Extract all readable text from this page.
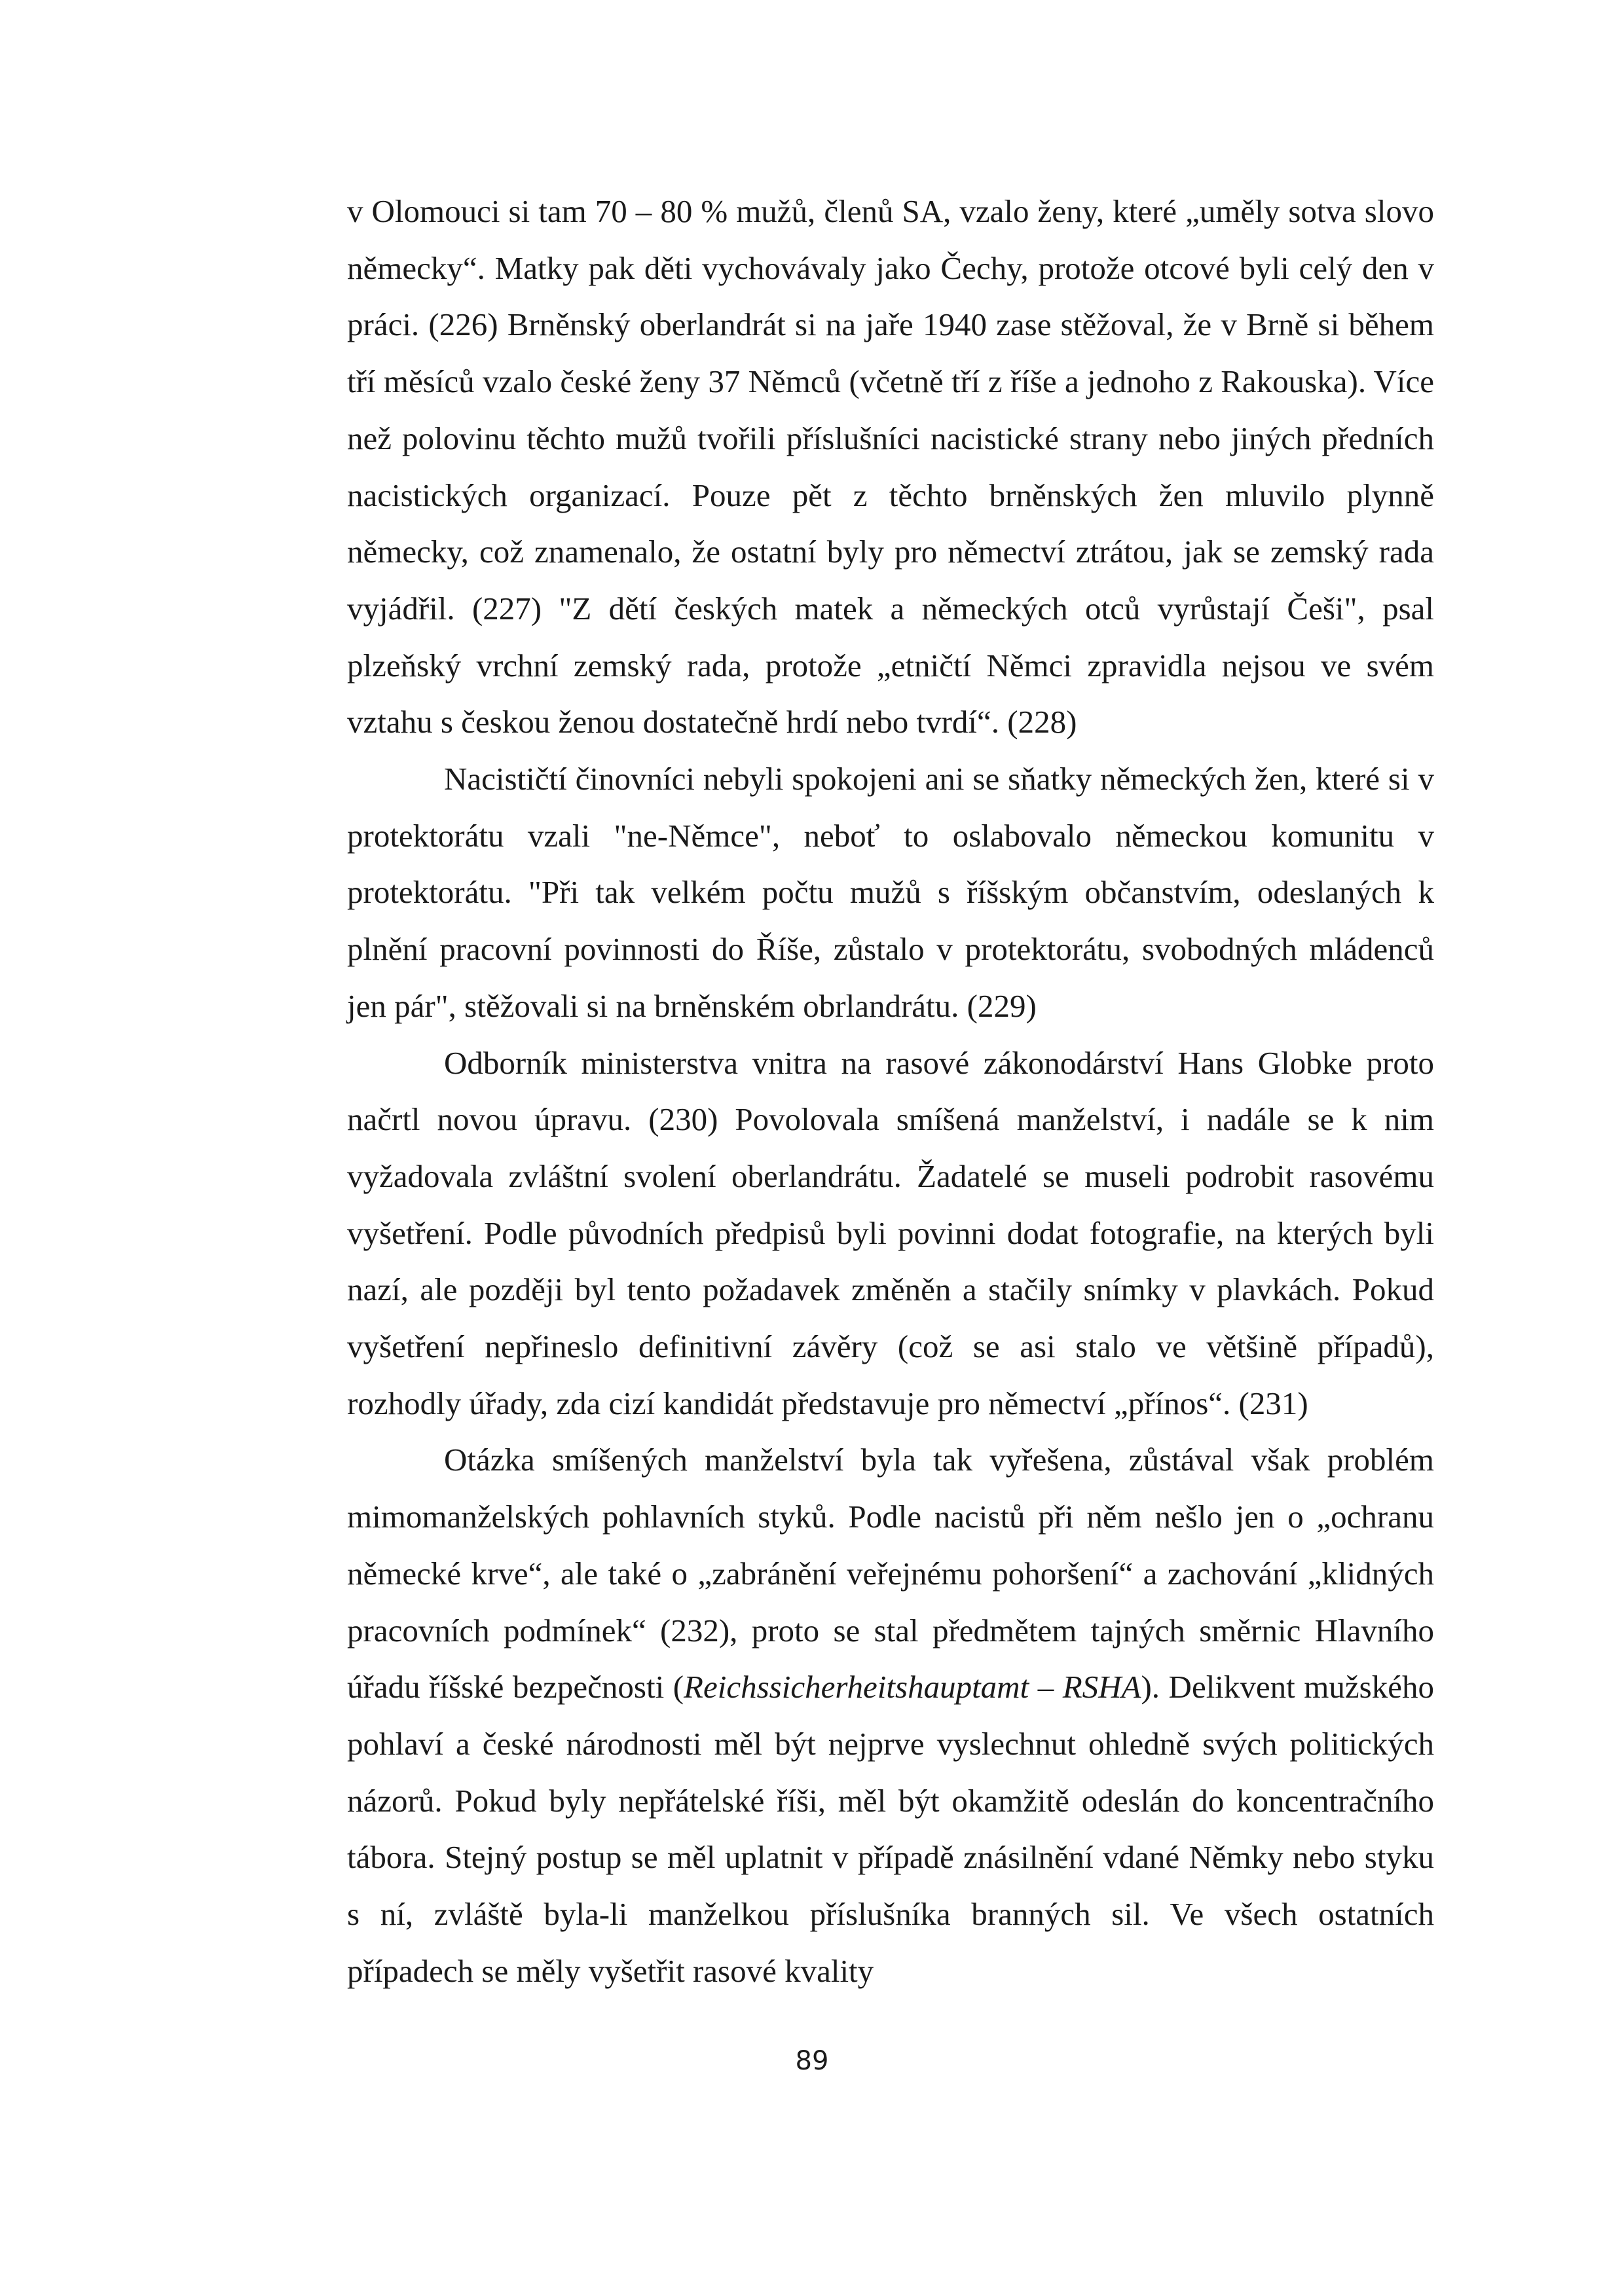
v Olomouci si tam 70 – 80 % mužů, členů SA, vzalo ženy, které „uměly sotva slovo německy“. Matky pak děti vychovávaly jako Čechy, protože otcové byli celý den v práci. (226) Brněnský oberlandrát si na jaře 1940 zase stěžoval, že v Brně si během tří měsíců vzalo české ženy 37 Němců (včetně tří z říše a jednoho z Rakouska). Více než polovinu těchto mužů tvořili příslušníci nacistické strany nebo jiných předních nacistických organizací. Pouze pět z těchto brněnských žen mluvilo plynně německy, což znamenalo, že ostatní byly pro němectví ztrátou, jak se zemský rada vyjádřil. (227) "Z dětí českých matek a německých otců vyrůstají Češi", psal plzeňský vrchní zemský rada, protože „etničtí Němci zpravidla nejsou ve svém vztahu s českou ženou dostatečně hrdí nebo tvrdí“. (228)

Nacističtí činovníci nebyli spokojeni ani se sňatky německých žen, které si v protektorátu vzali "ne-Němce", neboť to oslabovalo německou komunitu v protektorátu. "Při tak velkém počtu mužů s říšským občanstvím, odeslaných k plnění pracovní povinnosti do Říše, zůstalo v protektorátu, svobodných mládenců jen pár", stěžovali si na brněnském obrlandrátu. (229)

Odborník ministerstva vnitra na rasové zákonodárství Hans Globke proto načrtl novou úpravu. (230) Povolovala smíšená manželství, i nadále se k nim vyžadovala zvláštní svolení oberlandrátu. Žadatelé se museli podrobit rasovému vyšetření. Podle původních předpisů byli povinni dodat fotografie, na kterých byli nazí, ale později byl tento požadavek změněn a stačily snímky v plavkách. Pokud vyšetření nepřineslo definitivní závěry (což se asi stalo ve většině případů), rozhodly úřady, zda cizí kandidát představuje pro němectví „přínos“. (231)

Otázka smíšených manželství byla tak vyřešena, zůstával však problém mimomanželských pohlavních styků. Podle nacistů při něm nešlo jen o „ochranu německé krve“, ale také o „zabránění veřejnému pohoršení“ a zachování „klidných pracovních podmínek“ (232), proto se stal předmětem tajných směrnic Hlavního úřadu říšské bezpečnosti (Reichssicherheitshauptamt – RSHA). Delikvent mužského pohlaví a české národnosti měl být nejprve vyslechnut ohledně svých politických názorů. Pokud byly nepřátelské říši, měl být okamžitě odeslán do koncentračního tábora. Stejný postup se měl uplatnit v případě znásilnění vdané Němky nebo styku s ní, zvláště byla-li manželkou příslušníka branných sil. Ve všech ostatních případech se měly vyšetřit rasové kvality

89
